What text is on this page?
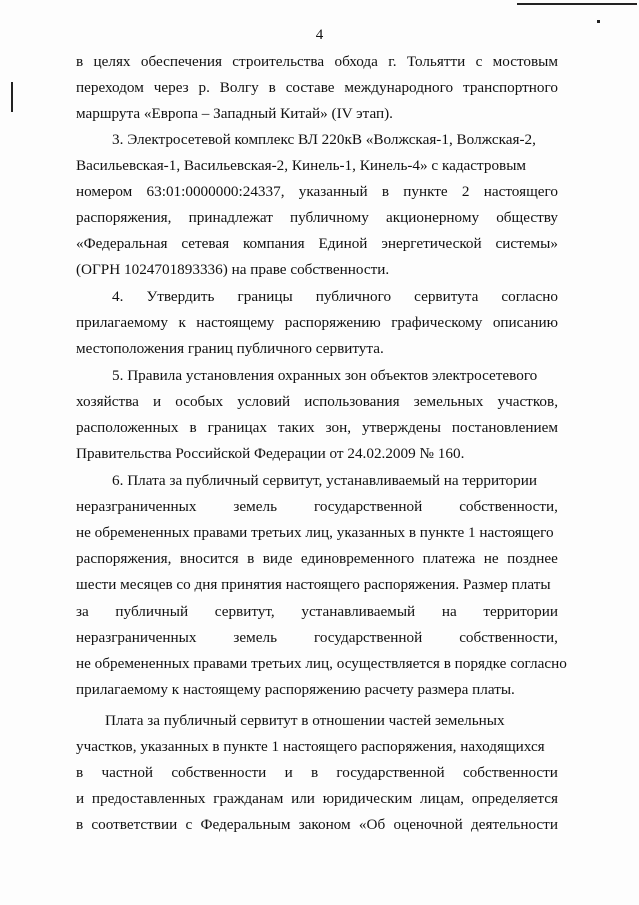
4
в целях обеспечения строительства обхода г. Тольятти с мостовым
переходом через р. Волгу в составе международного транспортного
маршрута «Европа – Западный Китай» (IV этап).
3. Электросетевой комплекс ВЛ 220кВ «Волжская-1, Волжская-2,
Васильевская-1, Васильевская-2, Кинель-1, Кинель-4» с кадастровым
номером 63:01:0000000:24337, указанный в пункте 2 настоящего
распоряжения, принадлежат публичному акционерному обществу
«Федеральная сетевая компания Единой энергетической системы»
(ОГРН 1024701893336) на праве собственности.
4. Утвердить границы публичного сервитута согласно
прилагаемому к настоящему распоряжению графическому описанию
местоположения границ публичного сервитута.
5. Правила установления охранных зон объектов электросетевого
хозяйства и особых условий использования земельных участков,
расположенных в границах таких зон, утверждены постановлением
Правительства Российской Федерации от 24.02.2009 № 160.
6. Плата за публичный сервитут, устанавливаемый на территории
неразграниченных земель государственной собственности,
не обремененных правами третьих лиц, указанных в пункте 1 настоящего
распоряжения, вносится в виде единовременного платежа не позднее
шести месяцев со дня принятия настоящего распоряжения. Размер платы
за публичный сервитут, устанавливаемый на территории
неразграниченных земель государственной собственности,
не обремененных правами третьих лиц, осуществляется в порядке согласно
прилагаемому к настоящему распоряжению расчету размера платы.
Плата за публичный сервитут в отношении частей земельных
участков, указанных в пункте 1 настоящего распоряжения, находящихся
в частной собственности и в государственной собственности
и предоставленных гражданам или юридическим лицам, определяется
в соответствии с Федеральным законом «Об оценочной деятельности
